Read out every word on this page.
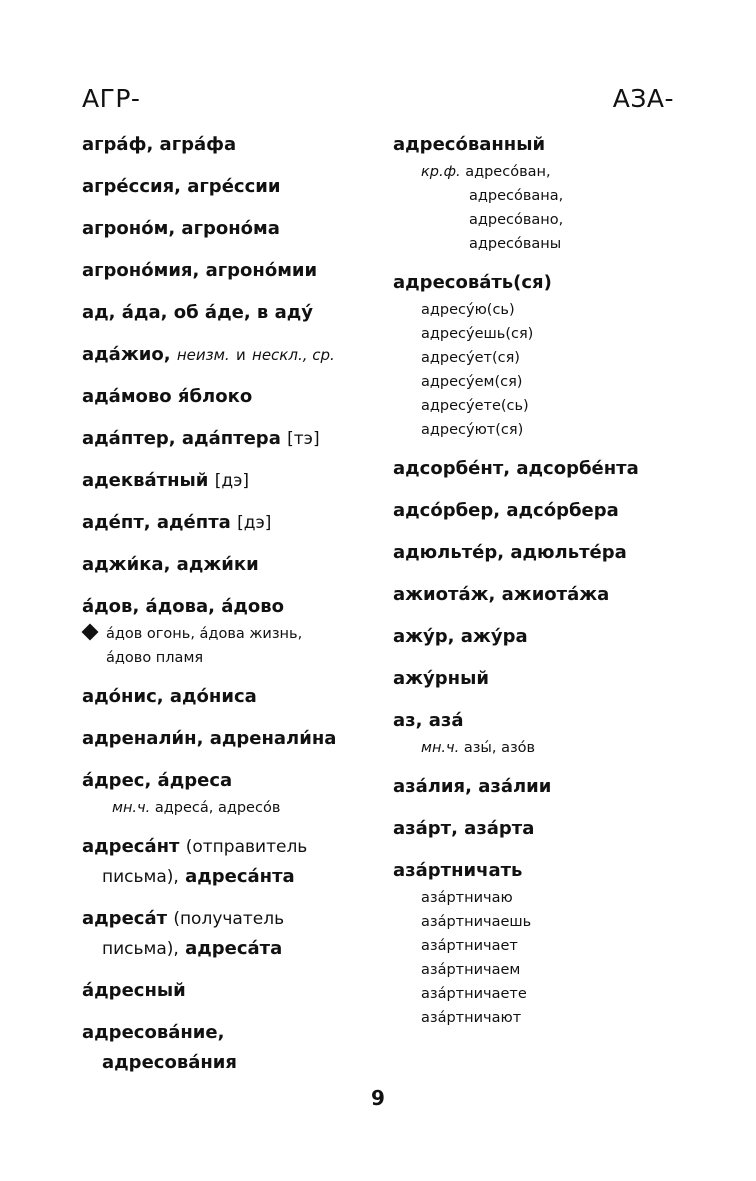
АГР-	АЗА-
агра́ф, агра́фа
агре́ссия, агре́ссии
агроно́м, агроно́ма
агроно́мия, агроно́мии
ад, а́да, об а́де, в аду́
ада́жио, неизм. и нескл., ср.
ада́мово я́блоко
ада́птер, ада́птера [тэ]
адеква́тный [дэ]
аде́пт, аде́пта [дэ]
аджи́ка, аджи́ки
а́дов, а́дова, а́дово
а́дов огонь, а́дова жизнь,
а́дово пламя
адо́нис, адо́ниса
адренали́н, адренали́на
а́дрес, а́дреса
мн.ч. адреса́, адресо́в
адреса́нт (отправитель
письма), адреса́нта
адреса́т (получатель
письма), адреса́та
а́дресный
адресова́ние,
адресова́ния
адресо́ванный
кр.ф. адресо́ван,
адресо́вана,
адресо́вано,
адресо́ваны
адресова́ть(ся)
адресу́ю(сь)
адресу́ешь(ся)
адресу́ет(ся)
адресу́ем(ся)
адресу́ете(сь)
адресу́ют(ся)
адсорбе́нт, адсорбе́нта
адсо́рбер, адсо́рбера
адюльте́р, адюльте́ра
ажиота́ж, ажиота́жа
ажу́р, ажу́ра
ажу́рный
аз, аза́
мн.ч. азы́, азо́в
аза́лия, аза́лии
аза́рт, аза́рта
аза́ртничать
аза́ртничаю
аза́ртничаешь
аза́ртничает
аза́ртничаем
аза́ртничаете
аза́ртничают
9
